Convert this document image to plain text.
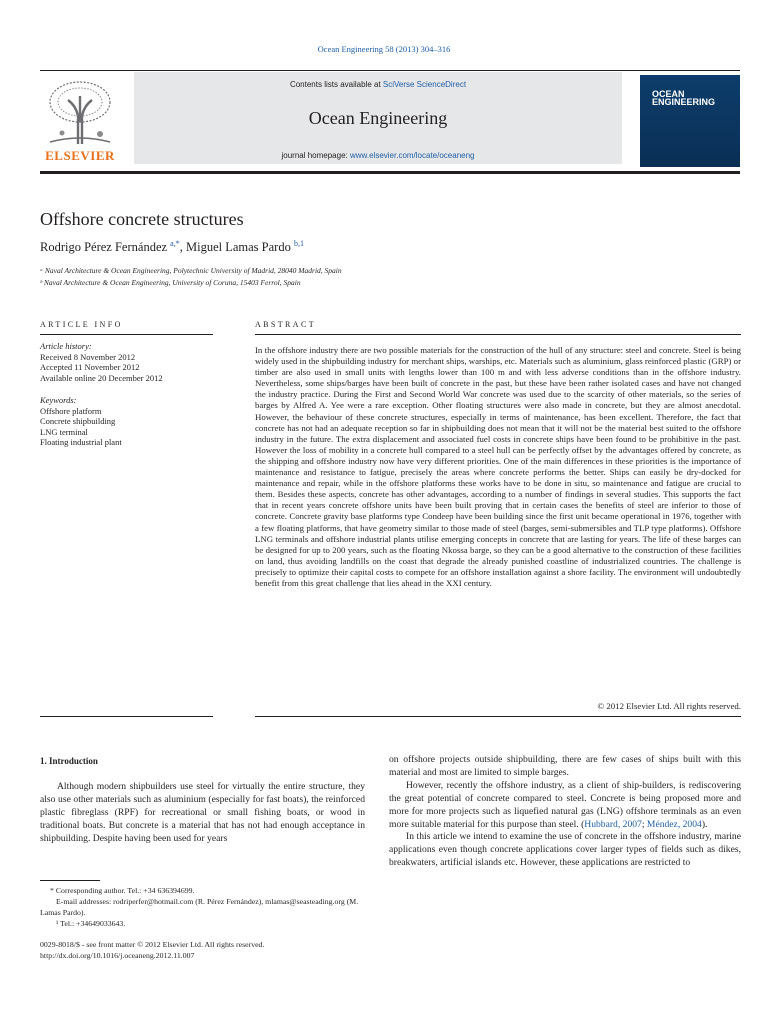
Ocean Engineering 58 (2013) 304–316
Contents lists available at SciVerse ScienceDirect
Ocean Engineering
journal homepage: www.elsevier.com/locate/oceaneng
ELSEVIER
OCEAN ENGINEERING
Offshore concrete structures
Rodrigo Pérez Fernández $^{a,*}$, Miguel Lamas Pardo $^{b,1}$
ᵃ Naval Architecture & Ocean Engineering, Polytechnic University of Madrid, 28040 Madrid, Spain
ᵇ Naval Architecture & Ocean Engineering, University of Coruna, 15403 Ferrol, Spain
ARTICLE INFO	ABSTRACT
Article history:
Received 8 November 2012
Accepted 11 November 2012
Available online 20 December 2012
Keywords:
Offshore platform
Concrete shipbuilding
LNG terminal
Floating industrial plant
In the offshore industry there are two possible materials for the construction of the hull of any structure: steel and concrete. Steel is being widely used in the shipbuilding industry for merchant ships, warships, etc. Materials such as aluminium, glass reinforced plastic (GRP) or timber are also used in small units with lengths lower than 100 m and with less adverse conditions than in the offshore industry. Nevertheless, some ships/barges have been built of concrete in the past, but these have been rather isolated cases and have not changed the industry practice. During the First and Second World War concrete was used due to the scarcity of other materials, so the series of barges by Alfred A. Yee were a rare exception. Other floating structures were also made in concrete, but they are almost anecdotal. However, the behaviour of these concrete structures, especially in terms of maintenance, has been excellent. Therefore, the fact that concrete has not had an adequate reception so far in shipbuilding does not mean that it will not be the material best suited to the offshore industry in the future. The extra displacement and associated fuel costs in concrete ships have been found to be prohibitive in the past. However the loss of mobility in a concrete hull compared to a steel hull can be perfectly offset by the advantages offered by concrete, as the shipping and offshore industry now have very different priorities. One of the main differences in these priorities is the importance of maintenance and resistance to fatigue, precisely the areas where concrete performs the better. Ships can easily be dry-docked for maintenance and repair, while in the offshore platforms these works have to be done in situ, so maintenance and fatigue are crucial to them. Besides these aspects, concrete has other advantages, according to a number of findings in several studies. This supports the fact that in recent years concrete offshore units have been built proving that in certain cases the benefits of steel are inferior to those of concrete. Concrete gravity base platforms type Condeep have been building since the first unit became operational in 1976, together with a few floating platforms, that have geometry similar to those made of steel (barges, semi-submersibles and TLP type platforms). Offshore LNG terminals and offshore industrial plants utilise emerging concepts in concrete that are lasting for years. The life of these barges can be designed for up to 200 years, such as the floating Nkossa barge, so they can be a good alternative to the construction of these facilities on land, thus avoiding landfills on the coast that degrade the already punished coastline of industrialized countries. The challenge is precisely to optimize their capital costs to compete for an offshore installation against a shore facility. The environment will undoubtedly benefit from this great challenge that lies ahead in the XXI century.
© 2012 Elsevier Ltd. All rights reserved.
1. Introduction

Although modern shipbuilders use steel for virtually the entire structure, they also use other materials such as aluminium (especially for fast boats), the reinforced plastic fibreglass (RPF) for recreational or small fishing boats, or wood in traditional boats. But concrete is a material that has not had enough acceptance in shipbuilding. Despite having been used for years

on offshore projects outside shipbuilding, there are few cases of ships built with this material and most are limited to simple barges.

However, recently the offshore industry, as a client of ship-builders, is rediscovering the great potential of concrete compared to steel. Concrete is being proposed more and more for more projects such as liquefied natural gas (LNG) offshore terminals as an even more suitable material for this purpose than steel. (Hubbard, 2007; Méndez, 2004).

In this article we intend to examine the use of concrete in the offshore industry, marine applications even though concrete applications cover larger types of fields such as dikes, breakwaters, artificial islands etc. However, these applications are restricted to

* Corresponding author. Tel.: +34 636394699.

E-mail addresses: rodriperfer@hotmail.com (R. Pérez Fernández), mlamas@seasteading.org (M. Lamas Pardo).

¹ Tel.: +34649033643.

0029-8018/$ - see front matter © 2012 Elsevier Ltd. All rights reserved.
http://dx.doi.org/10.1016/j.oceaneng.2012.11.007
